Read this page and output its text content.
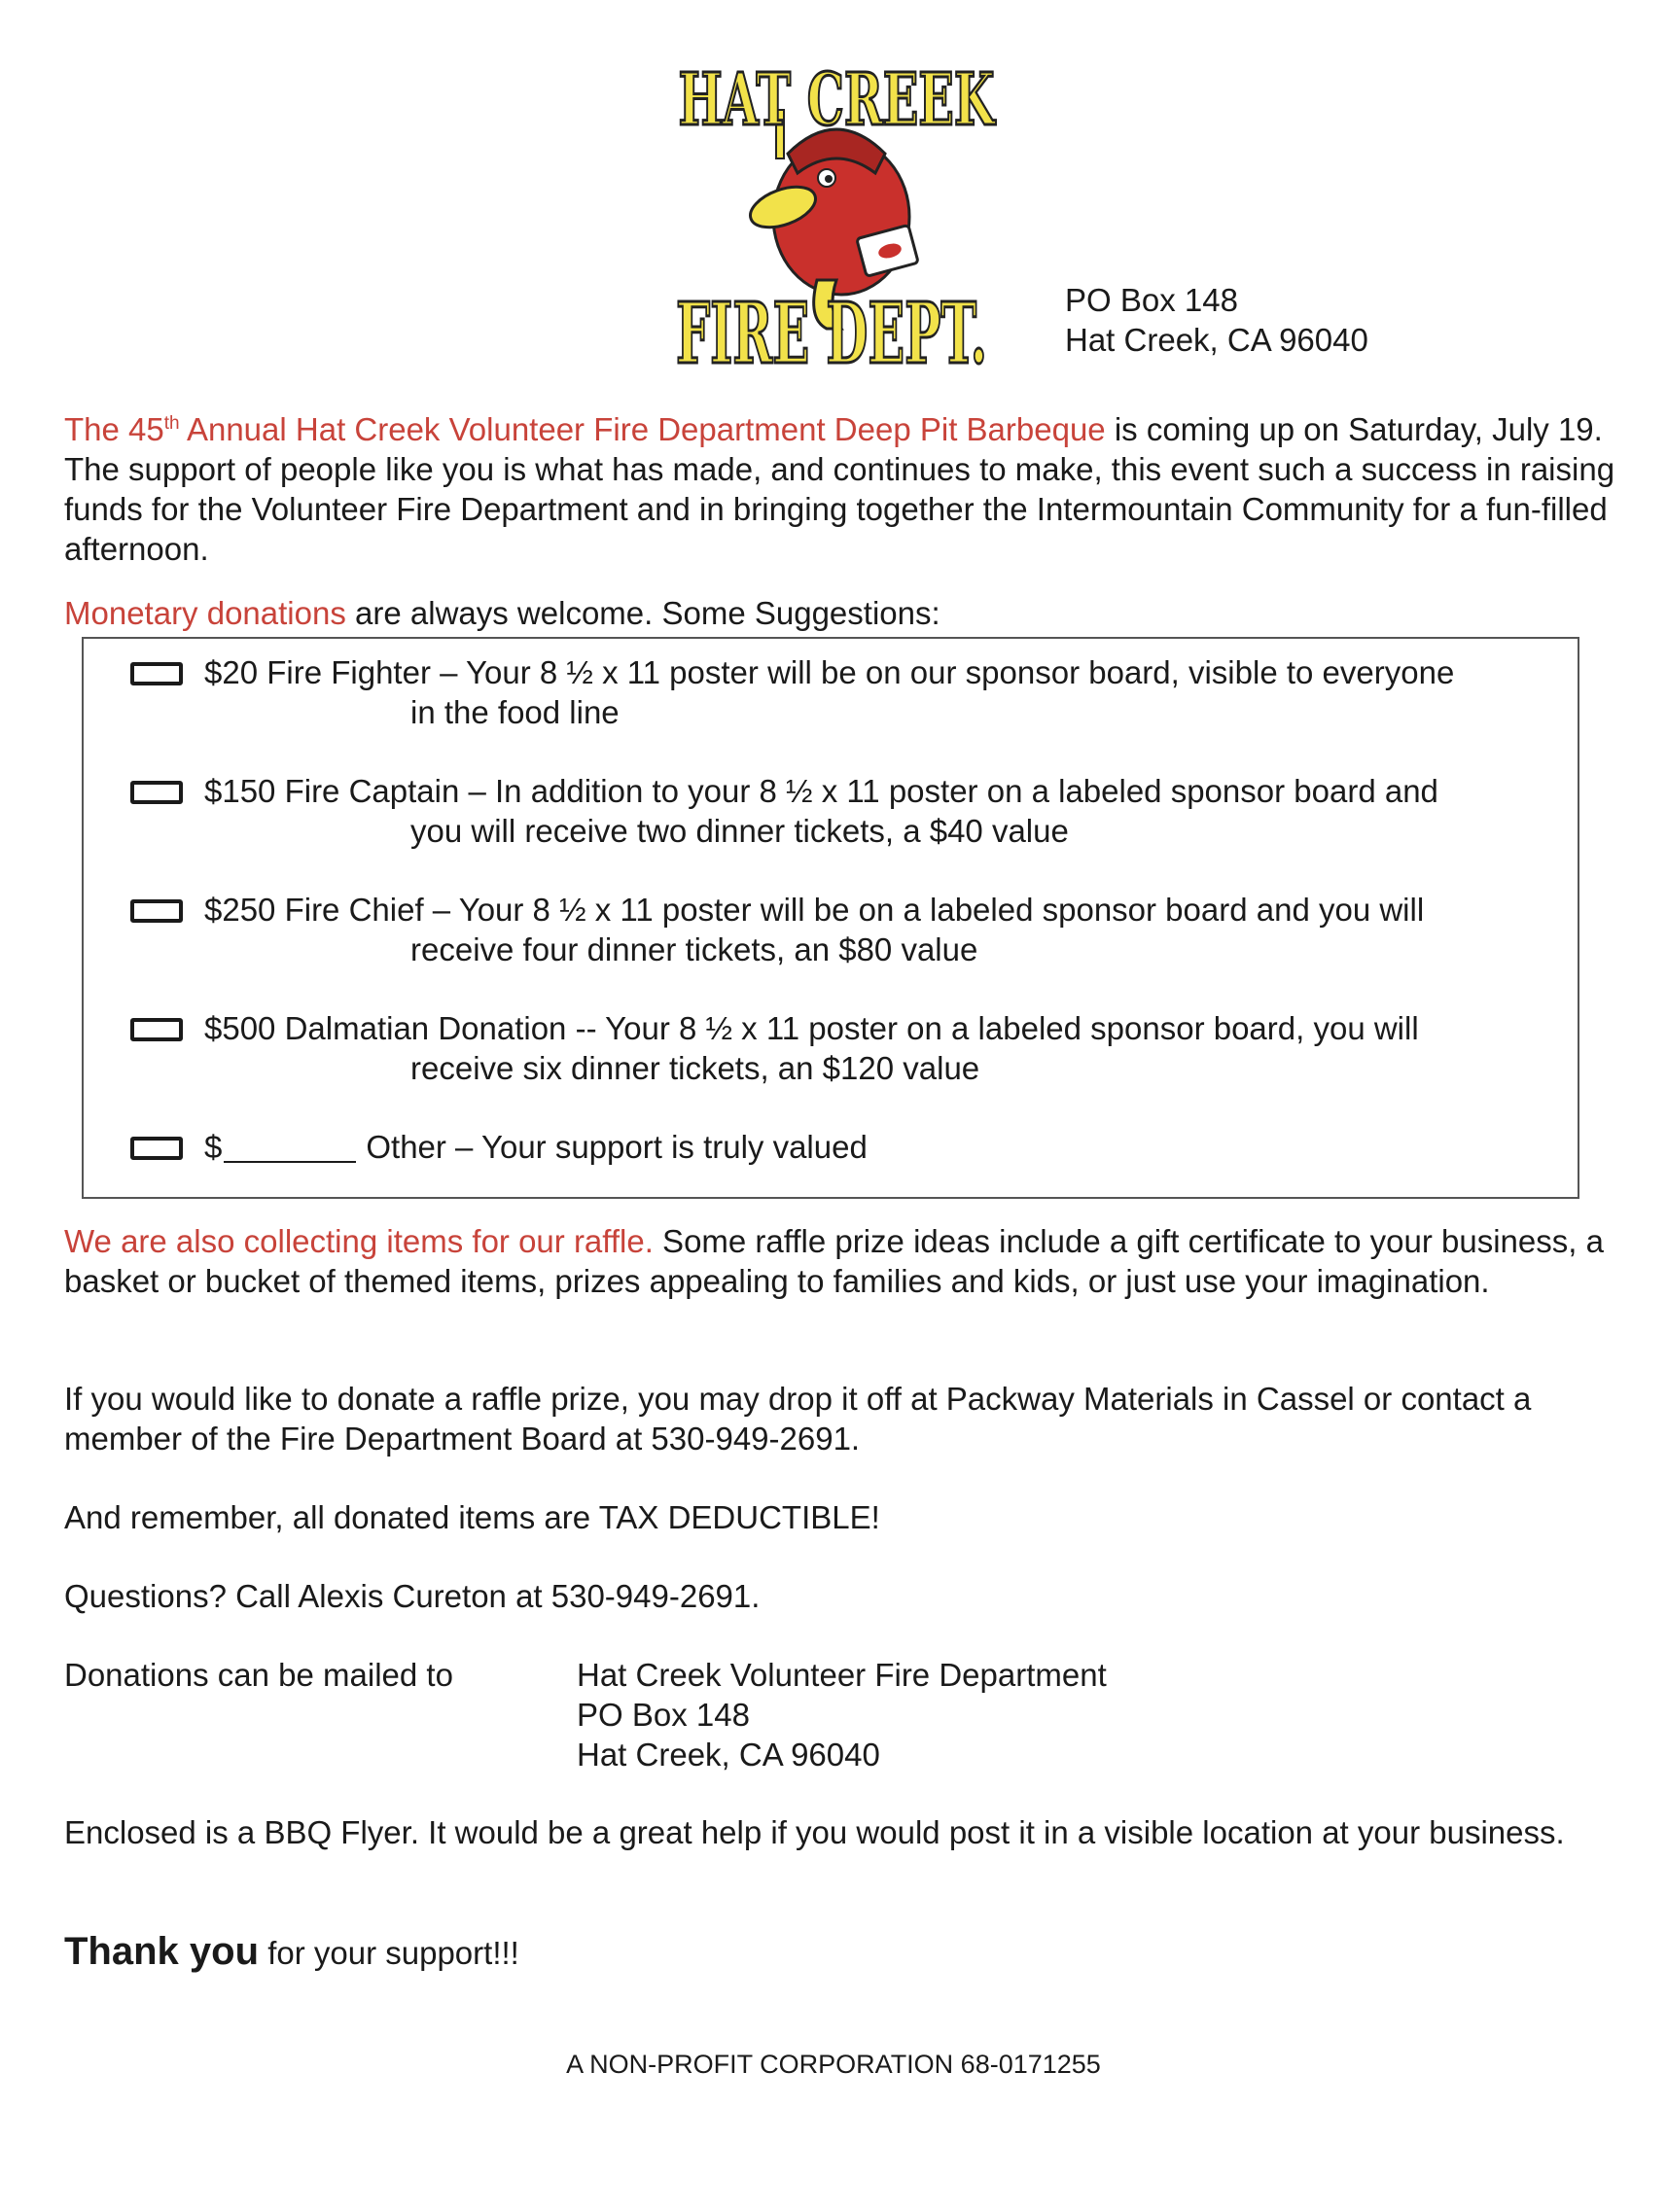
HAT CREEK
FIRE DEPT. PO Box 148
Hat Creek, CA 96040
The 45th Annual Hat Creek Volunteer Fire Department Deep Pit Barbeque is coming up on Saturday, July 19. The support of people like you is what has made, and continues to make, this event such a success in raising funds for the Volunteer Fire Department and in bringing together the Intermountain Community for a fun-filled afternoon.
Monetary donations are always welcome. Some Suggestions:
$20 Fire Fighter – Your 8 ½ x 11 poster will be on our sponsor board, visible to everyone
in the food line
$150 Fire Captain – In addition to your 8 ½ x 11 poster on a labeled sponsor board and
you will receive two dinner tickets, a $40 value
$250 Fire Chief – Your 8 ½ x 11 poster will be on a labeled sponsor board and you will
receive four dinner tickets, an $80 value
$500 Dalmatian Donation -- Your 8 ½ x 11 poster on a labeled sponsor board, you will
receive six dinner tickets, an $120 value
$	Other – Your support is truly valued
We are also collecting items for our raffle. Some raffle prize ideas include a gift certificate to your business, a basket or bucket of themed items, prizes appealing to families and kids, or just use your imagination.
If you would like to donate a raffle prize, you may drop it off at Packway Materials in Cassel or contact a member of the Fire Department Board at 530-949-2691.
And remember, all donated items are TAX DEDUCTIBLE!
Questions? Call Alexis Cureton at 530-949-2691.
Donations can be mailed to	Hat Creek Volunteer Fire Department
PO Box 148
Hat Creek, CA 96040
Enclosed is a BBQ Flyer. It would be a great help if you would post it in a visible location at your business.
Thank you for your support!!!
A NON-PROFIT CORPORATION 68-0171255
